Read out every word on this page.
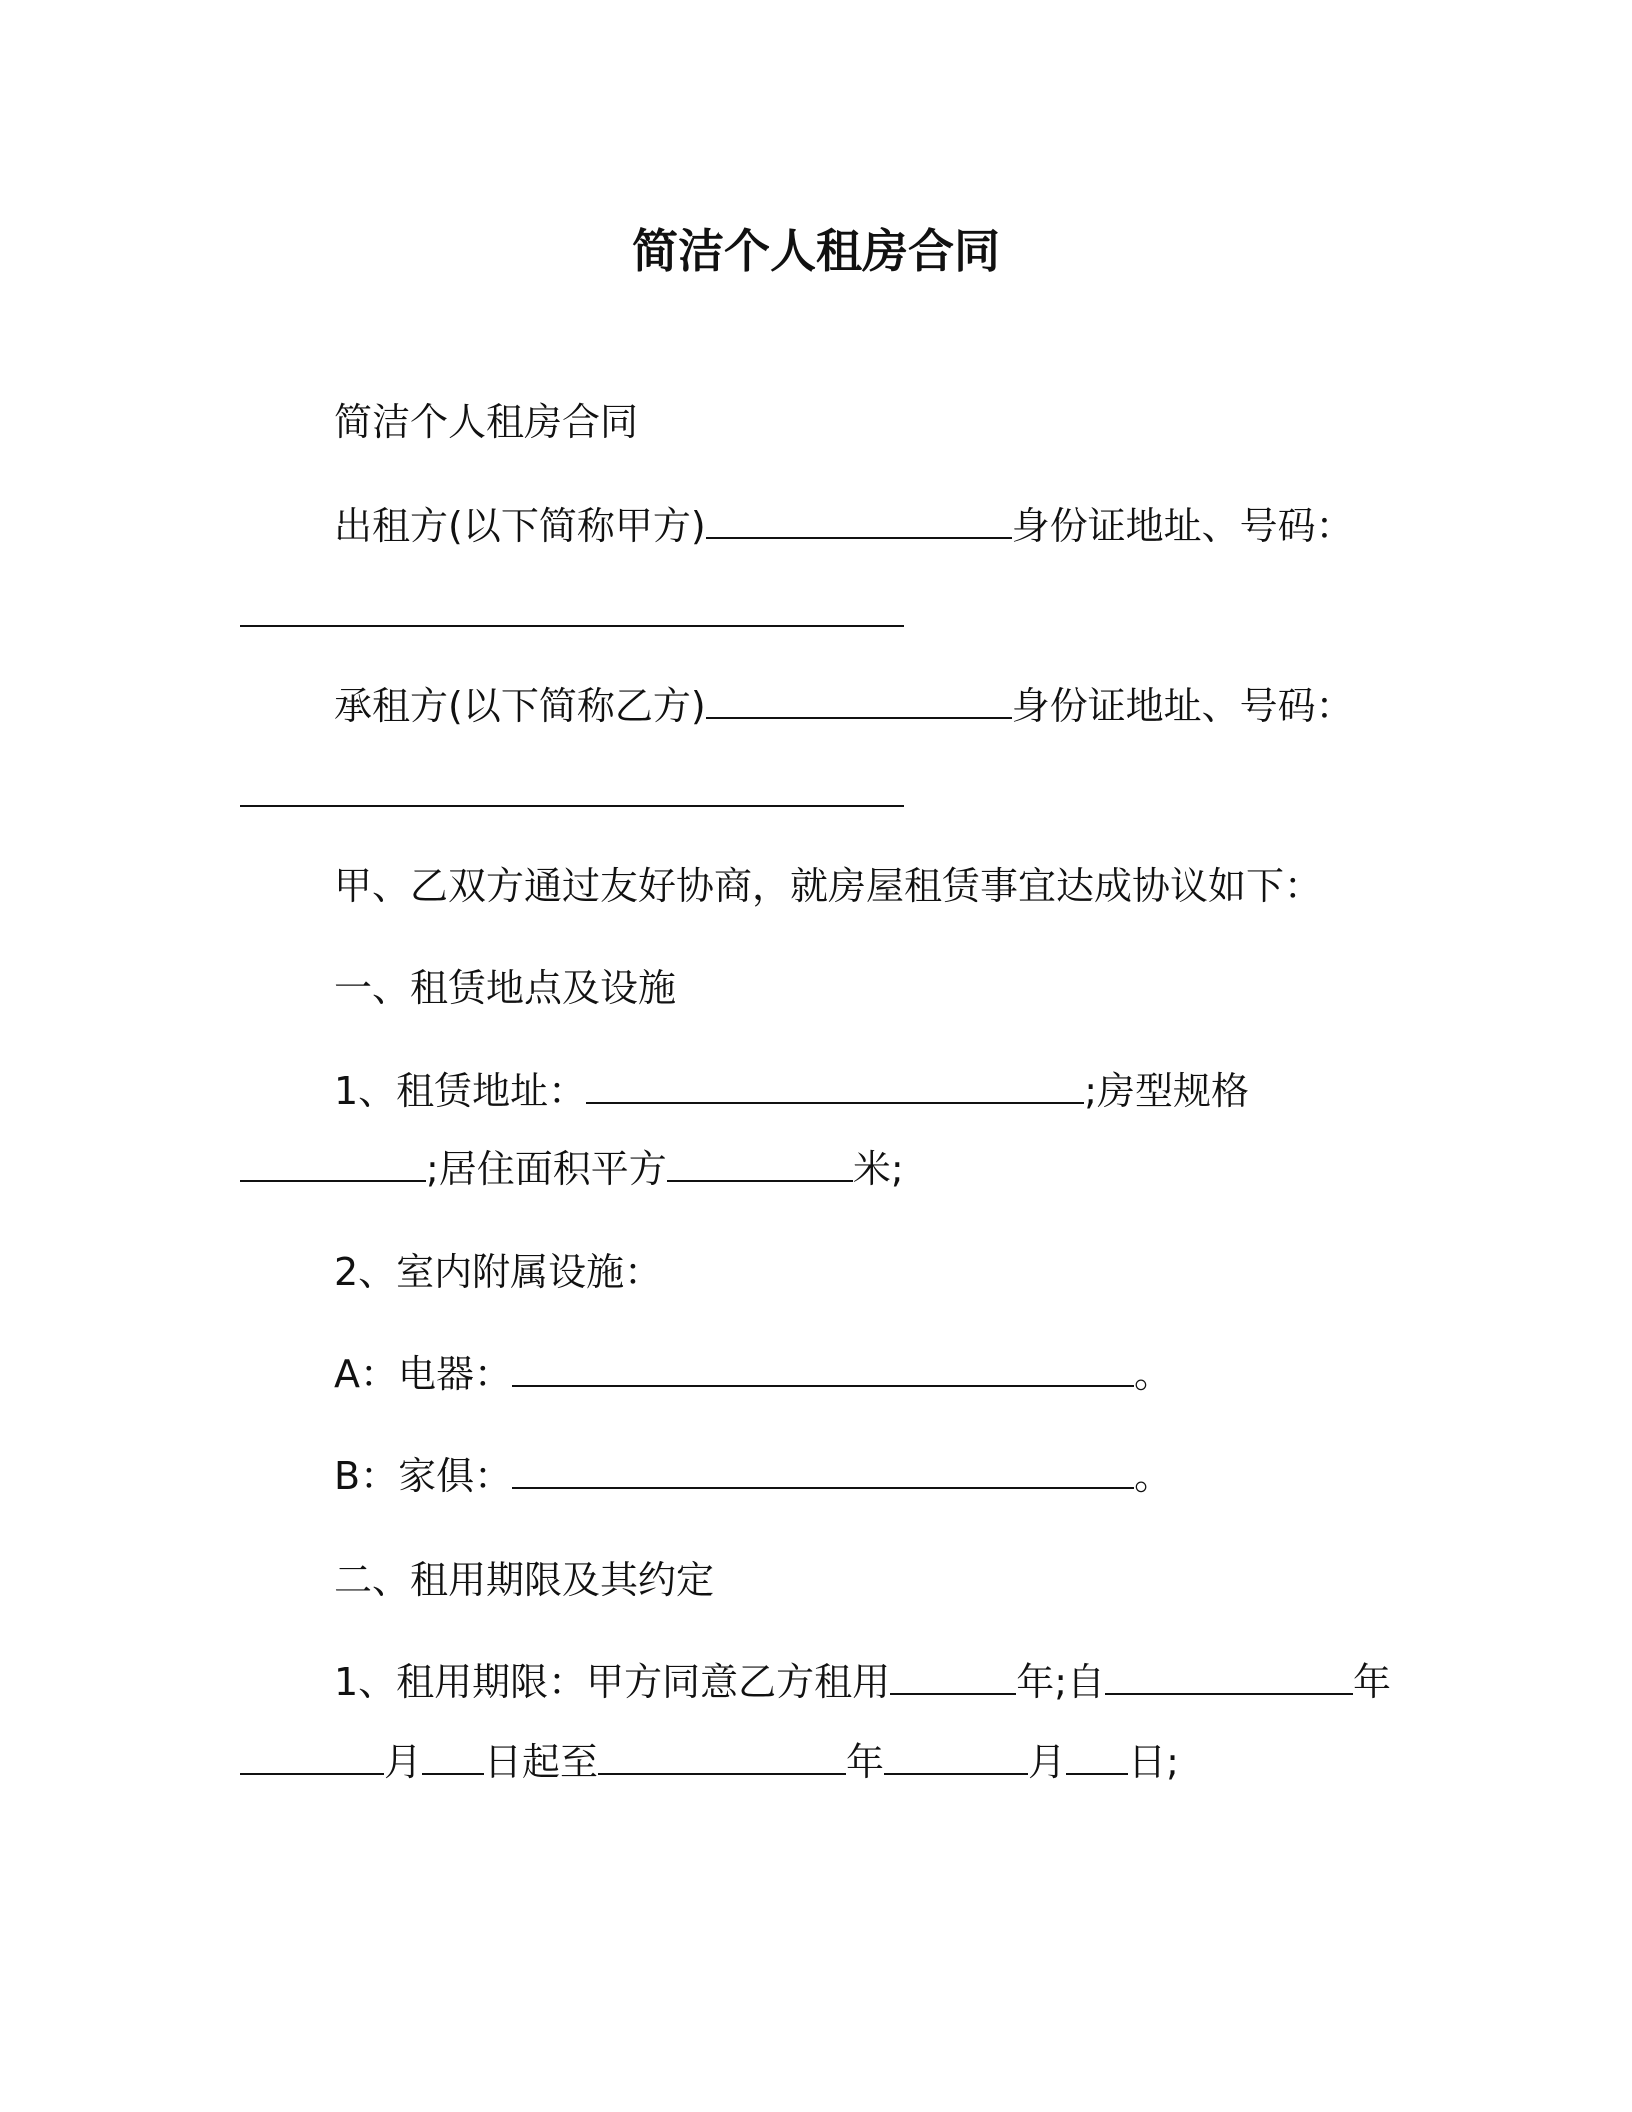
简洁个人租房合同
简洁个人租房合同
出租方(以下简称甲方)	身份证地址、号码：
承租方(以下简称乙方)	身份证地址、号码：
甲、乙双方通过友好协商，就房屋租赁事宜达成协议如下：
一、租赁地点及设施
1、租赁地址：	;房型规格
;居住面积平方	米;
2、室内附属设施：
A：电器：	。
B：家俱：	。
二、租用期限及其约定
1、租用期限：甲方同意乙方租用	年;自	年
月 日起至	年	月 日;
